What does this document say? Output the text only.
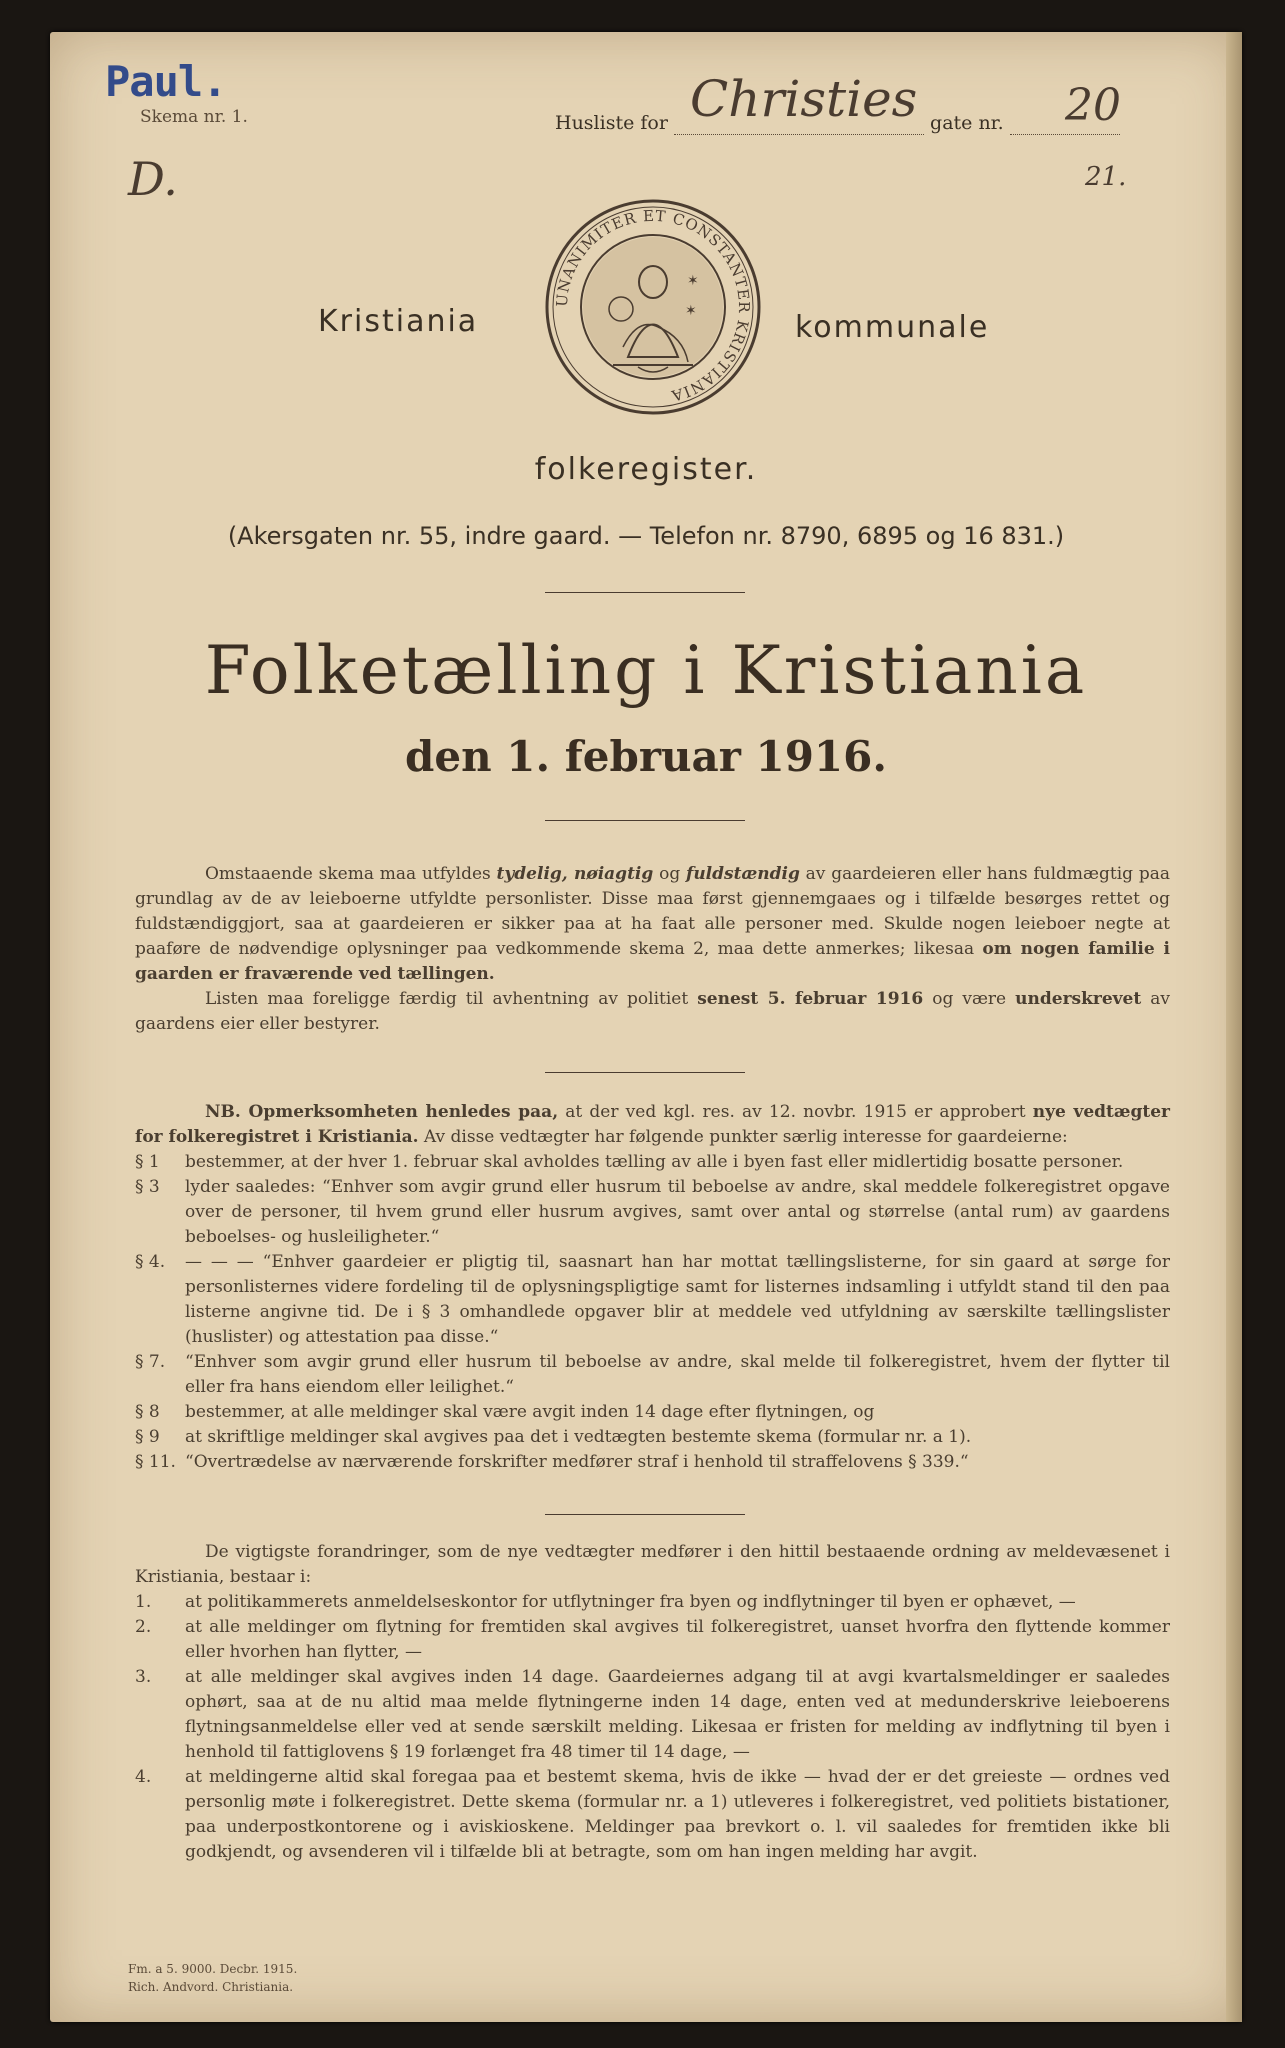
Paul.
Skema nr. 1.	Husliste for	gate nr.
Christies	20
D.	21.
UNANIMITER ET CONSTANTER KRISTIANIA
✶
✶
Kristiania	kommunale
folkeregister.
(Akersgaten nr. 55, indre gaard. — Telefon nr. 8790, 6895 og 16 831.)
Folketælling i Kristiania
den 1. februar 1916.

Omstaaende skema maa utfyldes tydelig, nøiagtig og fuldstændig av gaardeieren eller hans fuldmægtig paa grundlag av de av leieboerne utfyldte personlister. Disse maa først gjennemgaaes og i tilfælde besørges rettet og fuldstændiggjort, saa at gaardeieren er sikker paa at ha faat alle personer med. Skulde nogen leieboer negte at paaføre de nødvendige oplysninger paa vedkommende skema 2, maa dette anmerkes; likesaa om nogen familie i gaarden er fraværende ved tællingen.

Listen maa foreligge færdig til avhentning av politiet senest 5. februar 1916 og være underskrevet av gaardens eier eller bestyrer.

NB. Opmerksomheten henledes paa, at der ved kgl. res. av 12. novbr. 1915 er approbert nye vedtægter for folkeregistret i Kristiania. Av disse vedtægter har følgende punkter særlig interesse for gaardeierne:

§ 1	bestemmer, at der hver 1. februar skal avholdes tælling av alle i byen fast eller midlertidig bosatte personer.
§ 3	lyder saaledes: “Enhver som avgir grund eller husrum til beboelse av andre, skal meddele folkeregistret opgave over de personer, til hvem grund eller husrum avgives, samt over antal og størrelse (antal rum) av gaardens beboelses- og husleiligheter.“
§ 4.	— — — “Enhver gaardeier er pligtig til, saasnart han har mottat tællingslisterne, for sin gaard at sørge for personlisternes videre fordeling til de oplysningspligtige samt for listernes indsamling i utfyldt stand til den paa listerne angivne tid. De i § 3 omhandlede opgaver blir at meddele ved utfyldning av særskilte tællingslister (huslister) og attestation paa disse.“
§ 7.	“Enhver som avgir grund eller husrum til beboelse av andre, skal melde til folkeregistret, hvem der flytter til eller fra hans eiendom eller leilighet.“
§ 8	bestemmer, at alle meldinger skal være avgit inden 14 dage efter flytningen, og
§ 9	at skriftlige meldinger skal avgives paa det i vedtægten bestemte skema (formular nr. a 1).
§ 11. “Overtrædelse av nærværende forskrifter medfører straf i henhold til straffelovens § 339.“

De vigtigste forandringer, som de nye vedtægter medfører i den hittil bestaaende ordning av meldevæsenet i Kristiania, bestaar i:

1.	at politikammerets anmeldelseskontor for utflytninger fra byen og indflytninger til byen er ophævet, —
2.	at alle meldinger om flytning for fremtiden skal avgives til folkeregistret, uanset hvorfra den flyttende kommer eller hvorhen han flytter, —
3.	at alle meldinger skal avgives inden 14 dage. Gaardeiernes adgang til at avgi kvartalsmeldinger er saaledes ophørt, saa at de nu altid maa melde flytningerne inden 14 dage, enten ved at medunderskrive leieboerens flytningsanmeldelse eller ved at sende særskilt melding. Likesaa er fristen for melding av indflytning til byen i henhold til fattiglovens § 19 forlænget fra 48 timer til 14 dage, —
4.	at meldingerne altid skal foregaa paa et bestemt skema, hvis de ikke — hvad der er det greieste — ordnes ved personlig møte i folkeregistret. Dette skema (formular nr. a 1) utleveres i folkeregistret, ved politiets bistationer, paa underpostkontorene og i aviskioskene. Meldinger paa brevkort o. l. vil saaledes for fremtiden ikke bli godkjendt, og avsenderen vil i tilfælde bli at betragte, som om han ingen melding har avgit.
Fm. a 5. 9000. Decbr. 1915.
Rich. Andvord. Christiania.
